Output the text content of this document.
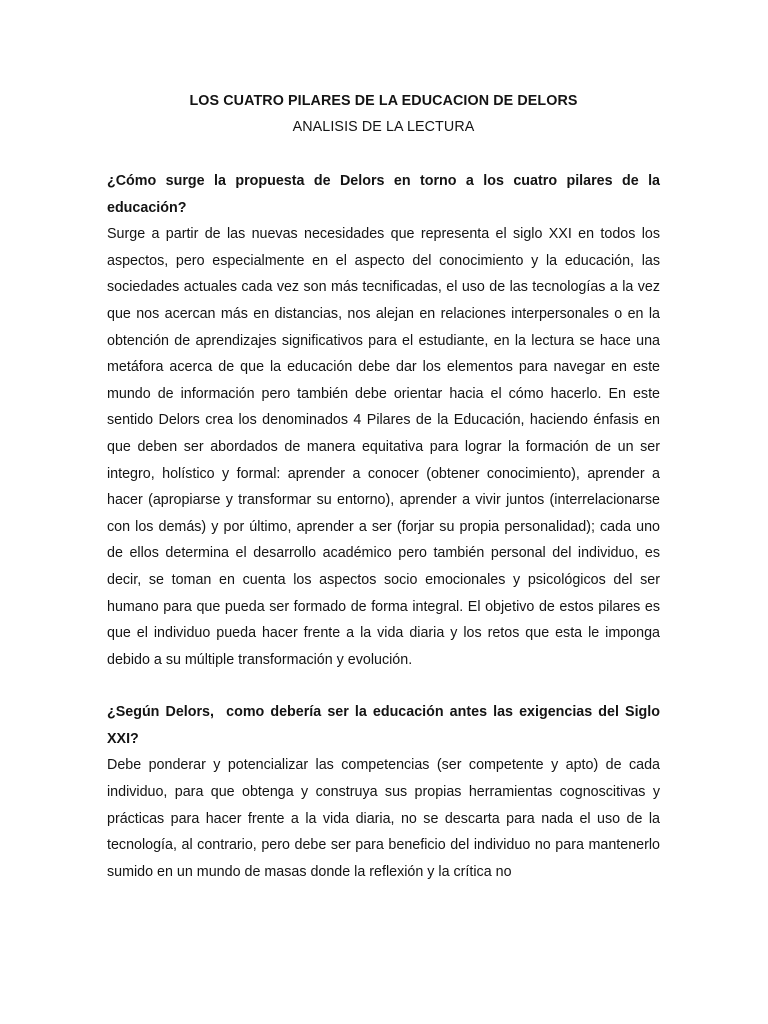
LOS CUATRO PILARES DE LA EDUCACION DE DELORS

ANALISIS DE LA LECTURA

¿Cómo surge la propuesta de Delors en torno a los cuatro pilares de la educación?

Surge a partir de las nuevas necesidades que representa el siglo XXI en todos los aspectos, pero especialmente en el aspecto del conocimiento y la educación, las sociedades actuales cada vez son más tecnificadas, el uso de las tecnologías a la vez que nos acercan más en distancias, nos alejan en relaciones interpersonales o en la obtención de aprendizajes significativos para el estudiante, en la lectura se hace una metáfora acerca de que la educación debe dar los elementos para navegar en este mundo de información pero también debe orientar hacia el cómo hacerlo. En este sentido Delors crea los denominados 4 Pilares de la Educación, haciendo énfasis en que deben ser abordados de manera equitativa para lograr la formación de un ser integro, holístico y formal: aprender a conocer (obtener conocimiento), aprender a hacer (apropiarse y transformar su entorno), aprender a vivir juntos (interrelacionarse con los demás) y por último, aprender a ser (forjar su propia personalidad); cada uno de ellos determina el desarrollo académico pero también personal del individuo, es decir, se toman en cuenta los aspectos socio emocionales y psicológicos del ser humano para que pueda ser formado de forma integral. El objetivo de estos pilares es que el individuo pueda hacer frente a la vida diaria y los retos que esta le imponga debido a su múltiple transformación y evolución.

¿Según Delors,  como debería ser la educación antes las exigencias del Siglo XXI?

Debe ponderar y potencializar las competencias (ser competente y apto) de cada individuo, para que obtenga y construya sus propias herramientas cognoscitivas y prácticas para hacer frente a la vida diaria, no se descarta para nada el uso de la tecnología, al contrario, pero debe ser para beneficio del individuo no para mantenerlo sumido en un mundo de masas donde la reflexión y la crítica no
